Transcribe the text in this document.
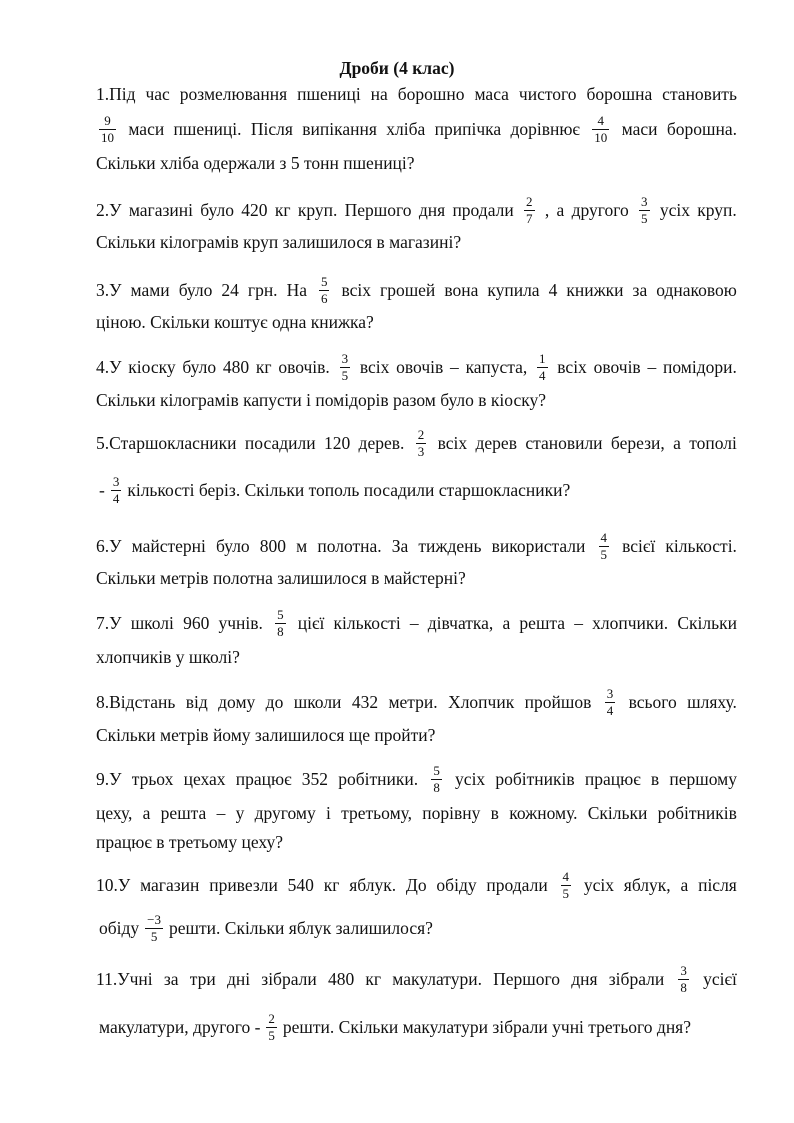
Дроби (4 клас)
1.Під час розмелювання пшениці на борошно маса чистого борошна становить
$\frac{9}{10}$ маси пшениці. Після випікання хліба припічка дорівнює $\frac{4}{10}$ маси борошна.
Скільки хліба одержали з 5 тонн пшениці?
2.У магазині було 420 кг круп. Першого дня продали $\frac{2}{7}$ , а другого $\frac{3}{5}$ усіх круп.
Скільки кілограмів круп залишилося в магазині?
3.У мами було 24 грн. На $\frac{5}{6}$ всіх грошей вона купила 4 книжки за однаковою
ціною. Скільки коштує одна книжка?
4.У кіоску було 480 кг овочів. $\frac{3}{5}$ всіх овочів – капуста, $\frac{1}{4}$ всіх овочів – помідори.
Скільки кілограмів капусти і помідорів разом було в кіоску?
5.Старшокласники посадили 120 дерев. $\frac{2}{3}$ всіх дерев становили берези, а тополі
- $\frac{3}{4}$ кількості беріз. Скільки тополь посадили старшокласники?
6.У майстерні було 800 м полотна. За тиждень використали $\frac{4}{5}$ всієї кількості.
Скільки метрів полотна залишилося в майстерні?
7.У школі 960 учнів. $\frac{5}{8}$ цієї кількості – дівчатка, а решта – хлопчики. Скільки
хлопчиків у школі?
8.Відстань від дому до школи 432 метри. Хлопчик пройшов $\frac{3}{4}$ всього шляху.
Скільки метрів йому залишилося ще пройти?
9.У трьох цехах працює 352 робітники. $\frac{5}{8}$ усіх робітників працює в першому
цеху, а решта – у другому і третьому, порівну в кожному. Скільки робітників
працює в третьому цеху?
10.У магазин привезли 540 кг яблук. До обіду продали $\frac{4}{5}$ усіх яблук, а після
обіду $\frac{-3}{5}$ решти. Скільки яблук залишилося?
11.Учні за три дні зібрали 480 кг макулатури. Першого дня зібрали $\frac{3}{8}$ усієї
макулатури, другого - $\frac{2}{5}$ решти. Скільки макулатури зібрали учні третього дня?
